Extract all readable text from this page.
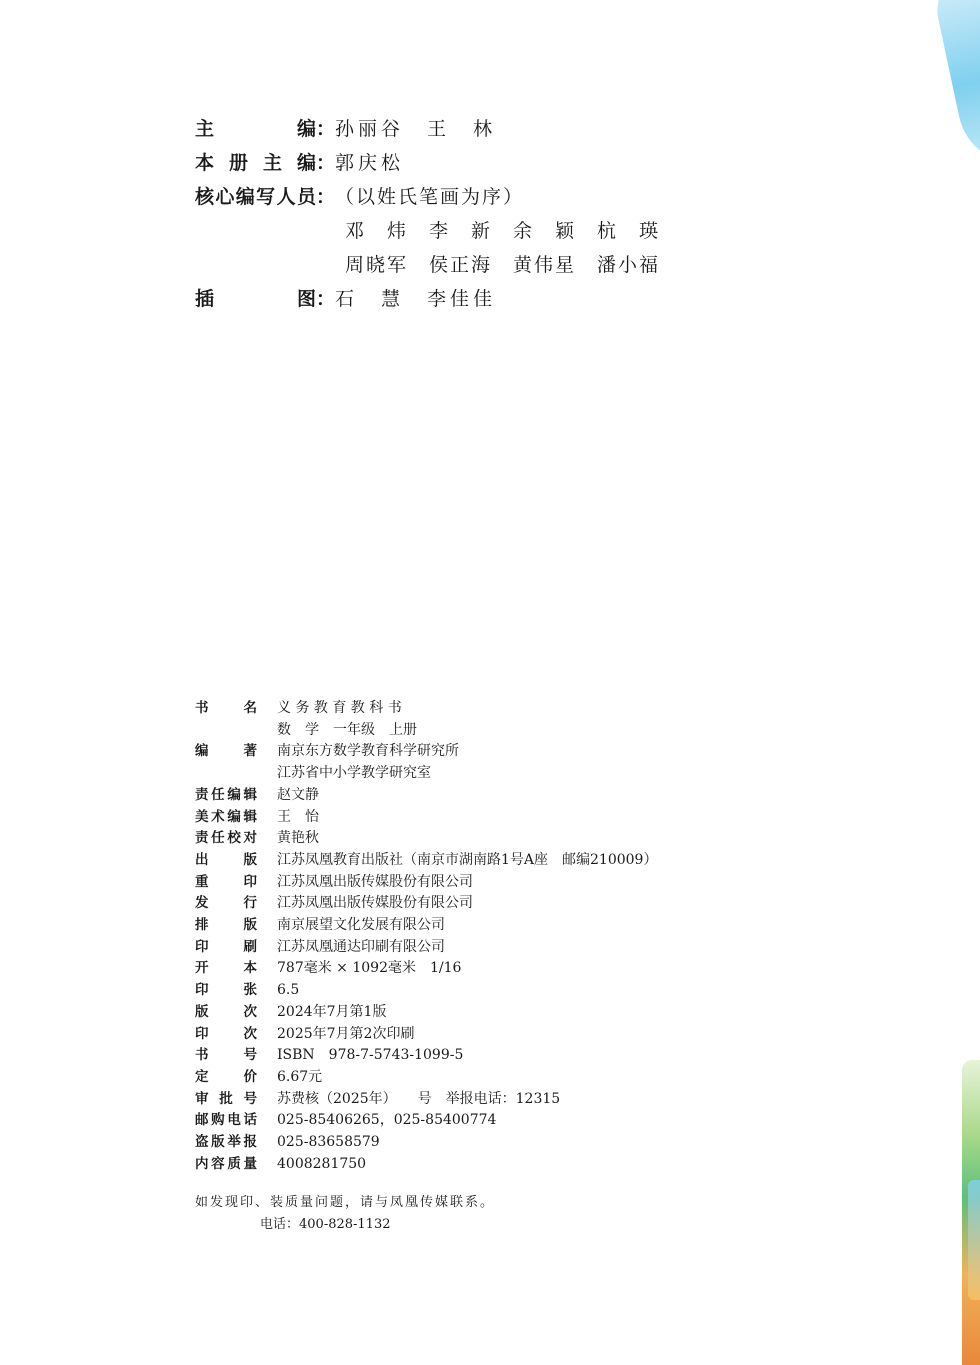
主	编： 孙丽谷　王　林
本 册 主 编： 郭庆松
核 心 编 写 人 员： （以姓氏笔画为序）
邓　炜　李　新　余　颖　杭　瑛
周晓军　侯正海　黄伟星　潘小福
插	图： 石　慧　李佳佳
书	名 义 务 教 育 教 科 书
数　学　一年级　上册
编	著 南京东方数学教育科学研究所
江苏省中小学教学研究室
责 任 编 辑 赵文静
美 术 编 辑 王　怡
责 任 校 对 黄艳秋
出	版 江苏凤凰教育出版社（南京市湖南路1号A座　邮编210009）
重	印 江苏凤凰出版传媒股份有限公司
发	行 江苏凤凰出版传媒股份有限公司
排	版 南京展望文化发展有限公司
印	刷 江苏凤凰通达印刷有限公司
开	本 787毫米 × 1092毫米　1/16
印	张 6.5
版	次 2024年7月第1版
印	次 2025年7月第2次印刷
书	号 ISBN　978-7-5743-1099-5
定	价 6.67元
审 批 号 苏费核（2025年）　　号　举报电话：12315
邮 购 电 话 025-85406265，025-85400774
盗 版 举 报 025-83658579
内 容 质 量 4008281750
如发现印、装质量问题，请与凤凰传媒联系。
电话：400-828-1132
